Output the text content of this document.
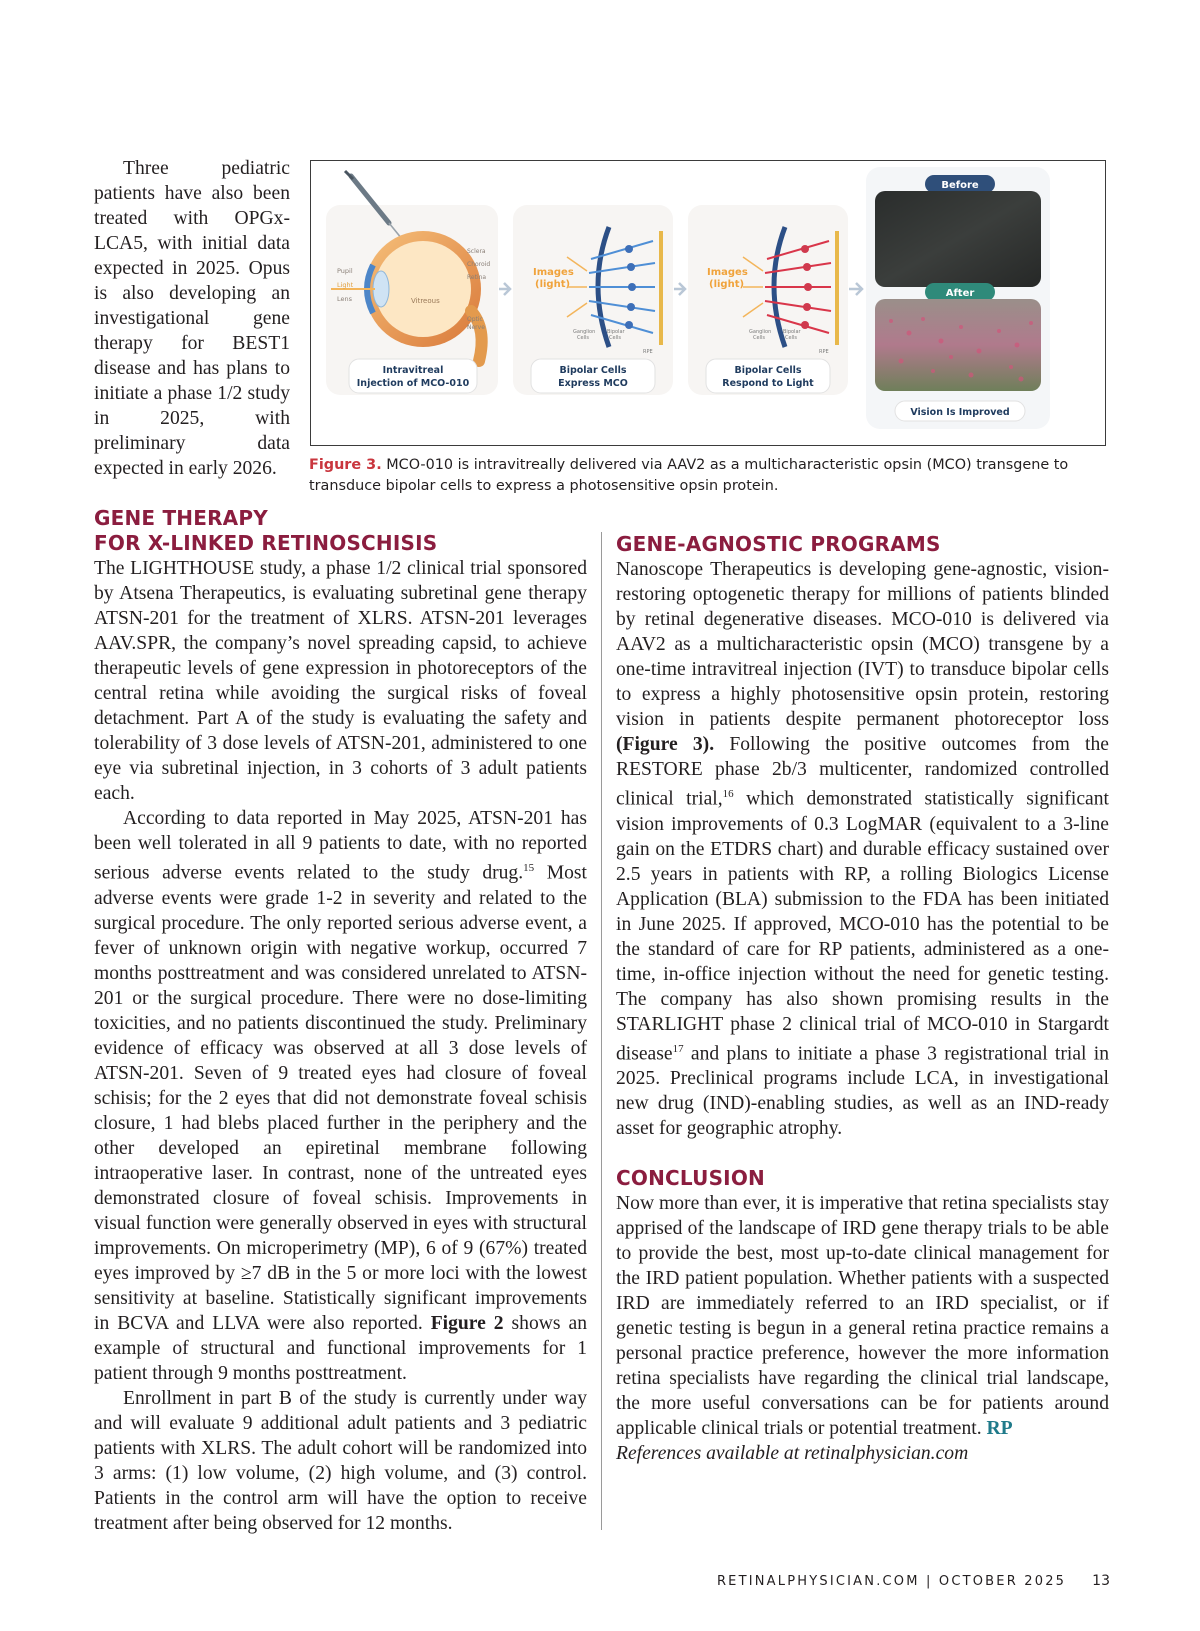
Three pediatric patients have also been treated with OPGx-LCA5, with initial data expected in 2025. Opus is also developing an investigational gene therapy for BEST1 disease and has plans to initiate a phase 1/2 study in 2025, with preliminary data expected in early 2026.

Pupil
Light
Lens	Vitreous
Sclera
Choroid
Retina
Optic
Nerve
Images
(light)
Ganglion
Cells
Bipolar
Cells
RPE
Images
(light)
Ganglion
Cells
Bipolar
Cells
RPE
Intravitreal
Injection of MCO-010
Bipolar Cells
Express MCO
Bipolar Cells
Respond to Light
Before
After
Vision Is Improved
Figure 3. MCO-010 is intravitreally delivered via AAV2 as a multicharacteristic opsin (MCO) transgene to transduce bipolar cells to express a photosensitive opsin protein.
GENE THERAPY
FOR X-LINKED RETINOSCHISIS

The LIGHTHOUSE study, a phase 1/2 clinical trial sponsored by Atsena Therapeutics, is evaluating subretinal gene therapy ATSN-201 for the treatment of XLRS. ATSN-201 leverages AAV.SPR, the company’s novel spreading capsid, to achieve therapeutic levels of gene expression in photoreceptors of the central retina while avoiding the surgical risks of foveal detachment. Part A of the study is evaluating the safety and tolerability of 3 dose levels of ATSN-201, administered to one eye via subretinal injection, in 3 cohorts of 3 adult patients each.

According to data reported in May 2025, ATSN-201 has been well tolerated in all 9 patients to date, with no reported serious adverse events related to the study drug.$^{15}$ Most adverse events were grade 1-2 in severity and related to the surgical procedure. The only reported serious adverse event, a fever of unknown origin with negative workup, occurred 7 months posttreatment and was considered unrelated to ATSN-201 or the surgical procedure. There were no dose-limiting toxicities, and no patients discontinued the study. Preliminary evidence of efficacy was observed at all 3 dose levels of ATSN-201. Seven of 9 treated eyes had closure of foveal schisis; for the 2 eyes that did not demonstrate foveal schisis closure, 1 had blebs placed further in the periphery and the other developed an epiretinal membrane following intraoperative laser. In contrast, none of the untreated eyes demonstrated closure of foveal schisis. Improvements in visual function were generally observed in eyes with structural improvements. On microperimetry (MP), 6 of 9 (67%) treated eyes improved by ≥7 dB in the 5 or more loci with the lowest sensitivity at baseline. Statistically significant improvements in BCVA and LLVA were also reported. Figure 2 shows an example of structural and functional improvements for 1 patient through 9 months posttreatment.

Enrollment in part B of the study is currently under way and will evaluate 9 additional adult patients and 3 pediatric patients with XLRS. The adult cohort will be randomized into 3 arms: (1) low volume, (2) high volume, and (3) control. Patients in the control arm will have the option to receive treatment after being observed for 12 months.

GENE-AGNOSTIC PROGRAMS

Nanoscope Therapeutics is developing gene-agnostic, vision-restoring optogenetic therapy for millions of patients blinded by retinal degenerative diseases. MCO-010 is delivered via AAV2 as a multicharacteristic opsin (MCO) transgene by a one-time intravitreal injection (IVT) to transduce bipolar cells to express a highly photosensitive opsin protein, restoring vision in patients despite permanent photoreceptor loss (Figure 3). Following the positive outcomes from the RESTORE phase 2b/3 multicenter, randomized controlled clinical trial,$^{16}$ which demonstrated statistically significant vision improvements of 0.3 LogMAR (equivalent to a 3-line gain on the ETDRS chart) and durable efficacy sustained over 2.5 years in patients with RP, a rolling Biologics License Application (BLA) submission to the FDA has been initiated in June 2025. If approved, MCO-010 has the potential to be the standard of care for RP patients, administered as a one-time, in-office injection without the need for genetic testing. The company has also shown promising results in the STARLIGHT phase 2 clinical trial of MCO-010 in Stargardt disease$^{17}$ and plans to initiate a phase 3 registrational trial in 2025. Preclinical programs include LCA, in investigational new drug (IND)-enabling studies, as well as an IND-ready asset for geographic atrophy.

CONCLUSION

Now more than ever, it is imperative that retina specialists stay apprised of the landscape of IRD gene therapy trials to be able to provide the best, most up-to-date clinical management for the IRD patient population. Whether patients with a suspected IRD are immediately referred to an IRD specialist, or if genetic testing is begun in a general retina practice remains a personal practice preference, however the more information retina specialists have regarding the clinical trial landscape, the more useful conversations can be for patients around applicable clinical trials or potential treatment. RP

References available at retinalphysician.com

RETINALPHYSICIAN.COM | OCTOBER 2025 13
